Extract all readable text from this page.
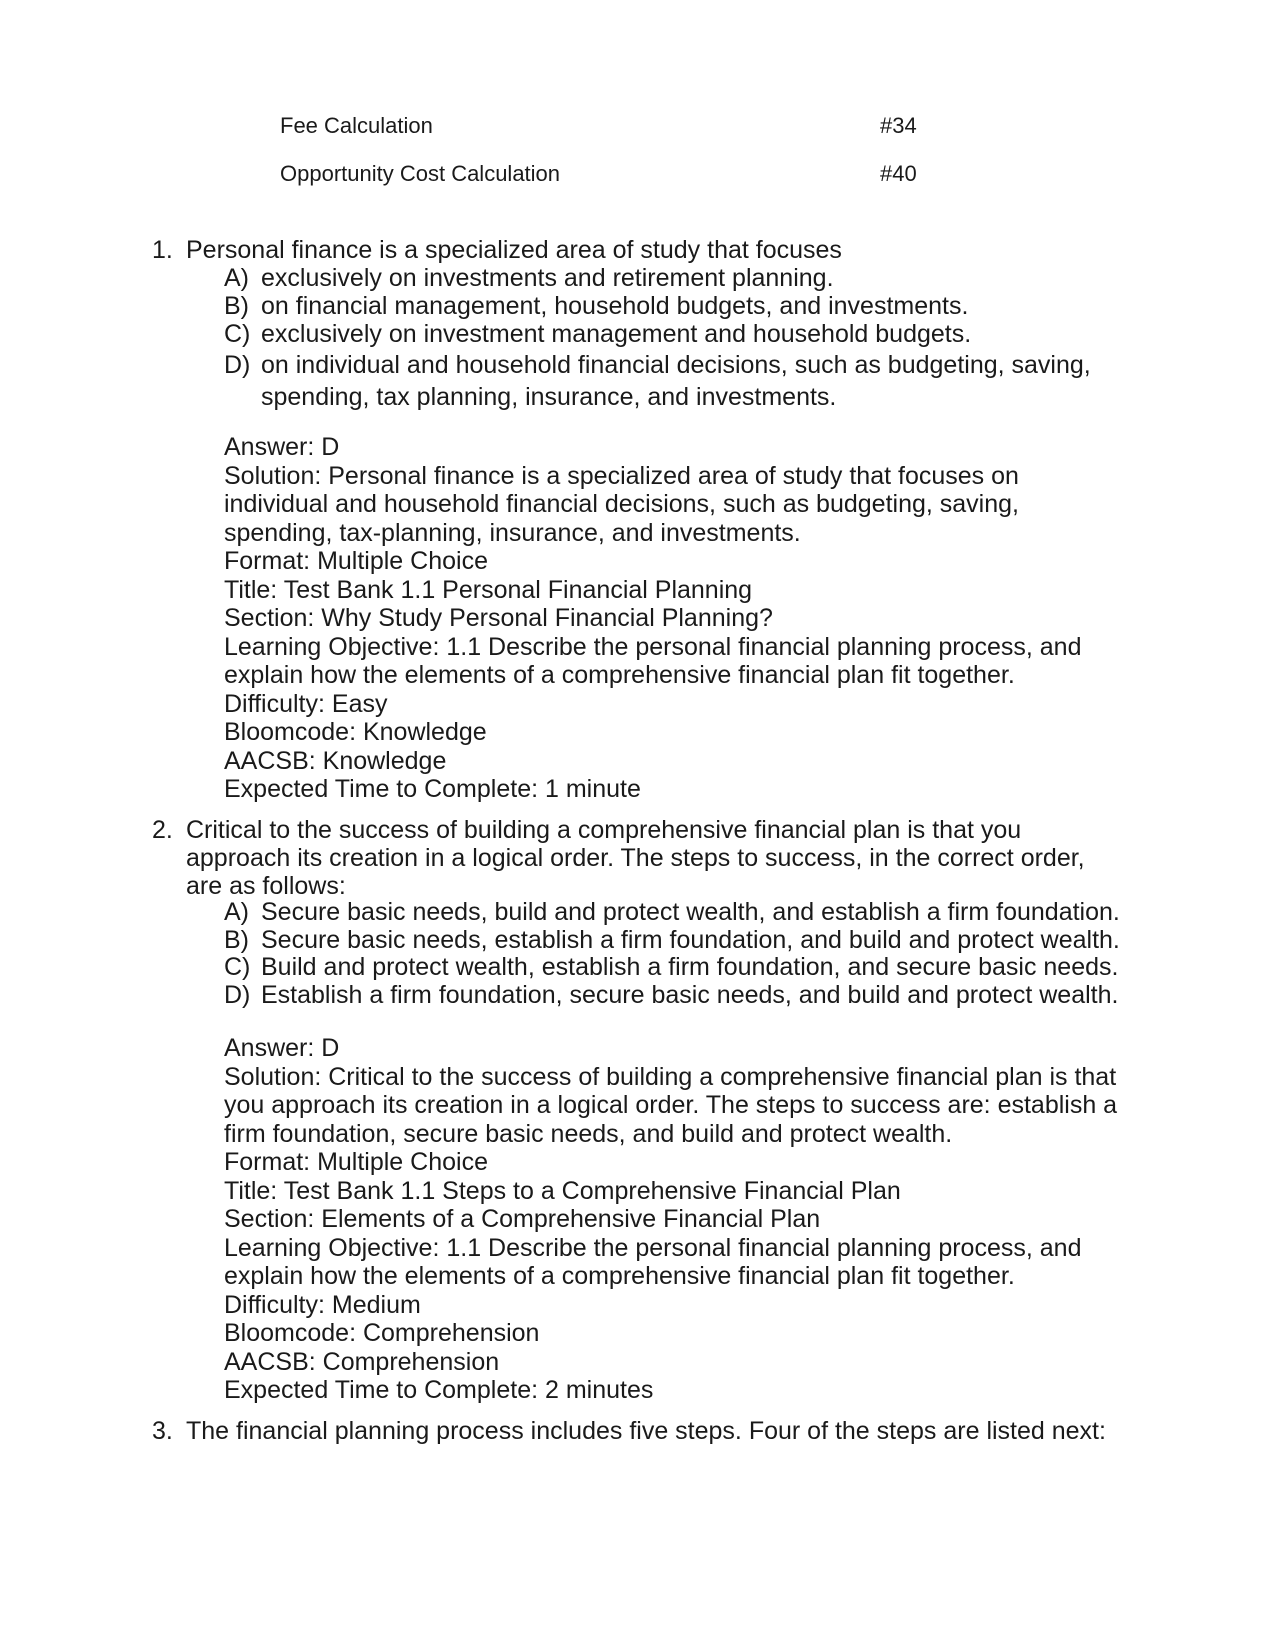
Fee Calculation	#34
Opportunity Cost Calculation	#40
1. Personal finance is a specialized area of study that focuses
A) exclusively on investments and retirement planning.
B) on financial management, household budgets, and investments.
C) exclusively on investment management and household budgets.
D) on individual and household financial decisions, such as budgeting, saving,
spending, tax planning, insurance, and investments.
Answer: D
Solution: Personal finance is a specialized area of study that focuses on
individual and household financial decisions, such as budgeting, saving,
spending, tax-planning, insurance, and investments.
Format: Multiple Choice
Title: Test Bank 1.1 Personal Financial Planning
Section: Why Study Personal Financial Planning?
Learning Objective: 1.1 Describe the personal financial planning process, and
explain how the elements of a comprehensive financial plan fit together.
Difficulty: Easy
Bloomcode: Knowledge
AACSB: Knowledge
Expected Time to Complete: 1 minute
2. Critical to the success of building a comprehensive financial plan is that you
approach its creation in a logical order. The steps to success, in the correct order,
are as follows:
A) Secure basic needs, build and protect wealth, and establish a firm foundation.
B) Secure basic needs, establish a firm foundation, and build and protect wealth.
C) Build and protect wealth, establish a firm foundation, and secure basic needs.
D) Establish a firm foundation, secure basic needs, and build and protect wealth.
Answer: D
Solution: Critical to the success of building a comprehensive financial plan is that
you approach its creation in a logical order. The steps to success are: establish a
firm foundation, secure basic needs, and build and protect wealth.
Format: Multiple Choice
Title: Test Bank 1.1 Steps to a Comprehensive Financial Plan
Section: Elements of a Comprehensive Financial Plan
Learning Objective: 1.1 Describe the personal financial planning process, and
explain how the elements of a comprehensive financial plan fit together.
Difficulty: Medium
Bloomcode: Comprehension
AACSB: Comprehension
Expected Time to Complete: 2 minutes
3. The financial planning process includes five steps. Four of the steps are listed next:
